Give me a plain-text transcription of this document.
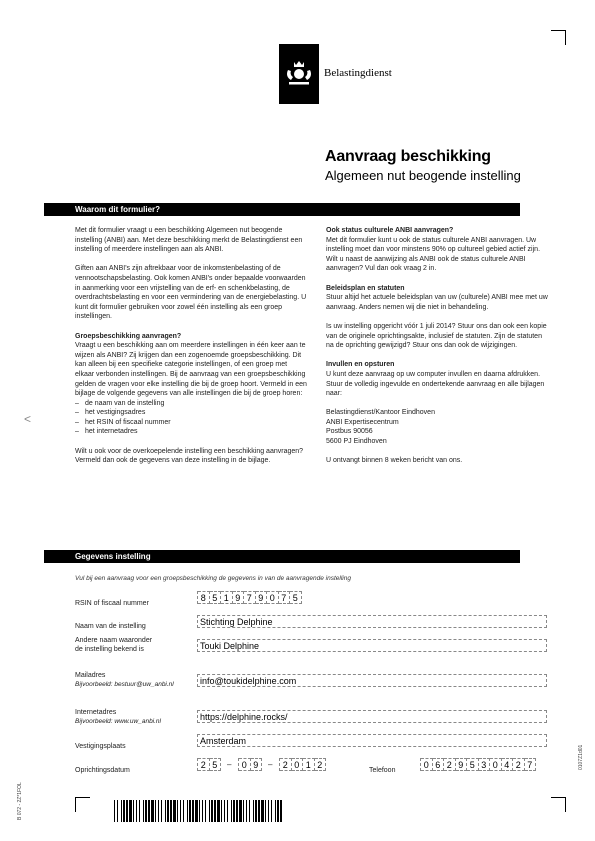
<
Belastingdienst
Aanvraag beschikking
Algemeen nut beogende instelling
Waarom dit formulier?

Met dit formulier vraagt u een beschikking Algemeen nut beogende instelling (ANBI) aan. Met deze beschikking merkt de Belastingdienst een instelling of meerdere instellingen aan als ANBI.

Giften aan ANBI's zijn aftrekbaar voor de inkomstenbelasting of de vennootschapsbelasting. Ook komen ANBI's onder bepaalde voorwaarden in aanmerking voor een vrijstelling van de erf- en schenkbelasting, de overdrachtsbelasting en voor een vermindering van de energiebelasting. U kunt dit formulier gebruiken voor zowel één instelling als een groep instellingen.

Groepsbeschikking aanvragen?

Vraagt u een beschikking aan om meerdere instellingen in één keer aan te wijzen als ANBI? Zij krijgen dan een zogenoemde groepsbeschikking. Dit kan alleen bij een specifieke categorie instellingen, of een groep met elkaar verbonden instellingen. Bij de aanvraag van een groepsbeschikking gelden de vragen voor elke instelling die bij de groep hoort. Vermeld in een bijlage de volgende gegevens van alle instellingen die bij de groep horen:

– de naam van de instelling
– het vestigingsadres
– het RSIN of fiscaal nummer
– het internetadres

Wilt u ook voor de overkoepelende instelling een beschikking aanvragen? Vermeld dan ook de gegevens van deze instelling in de bijlage.

Ook status culturele ANBI aanvragen?

Met dit formulier kunt u ook de status culturele ANBI aanvragen. Uw instelling moet dan voor minstens 90% op cultureel gebied actief zijn. Wilt u naast de aanwijzing als ANBI ook de status culturele ANBI aanvragen? Vul dan ook vraag 2 in.

Beleidsplan en statuten

Stuur altijd het actuele beleidsplan van uw (culturele) ANBI mee met uw aanvraag. Anders nemen wij die niet in behandeling.

Is uw instelling opgericht vóór 1 juli 2014? Stuur ons dan ook een kopie van de originele oprichtingsakte, inclusief de statuten. Zijn de statuten na de oprichting gewijzigd? Stuur ons dan ook de wijzigingen.

Invullen en opsturen

U kunt deze aanvraag op uw computer invullen en daarna afdrukken. Stuur de volledig ingevulde en ondertekende aanvraag en alle bijlagen naar:

Belastingdienst/Kantoor Eindhoven
ANBI Expertisecentrum
Postbus 90056
5600 PJ Eindhoven

U ontvangt binnen 8 weken bericht van ons.

Gegevens instelling
Vul bij een aanvraag voor een groepsbeschikking de gegevens in van de aanvragende instelling
RSIN of fiscaal nummer
8 5 1 9 7 9 0 7 5
Naam van de instelling	Stichting Delphine
Andere naam waaronder
de instelling bekend is	Touki Delphine
Mailadres
Bijvoorbeeld: bestuur@uw_anbi.nl	info@toukidelphine.com
Internetadres
Bijvoorbeeld: www.uw_anbi.nl	https://delphine.rocks/
Vestigingsplaats
Amsterdam
Oprichtingsdatum
2 5	–	0 9	–	2 0 1 2
Telefoon
0 6 2 9 5 3 0 4 2 7
B 072 - 2Z*1FOL
0107Z1d01
